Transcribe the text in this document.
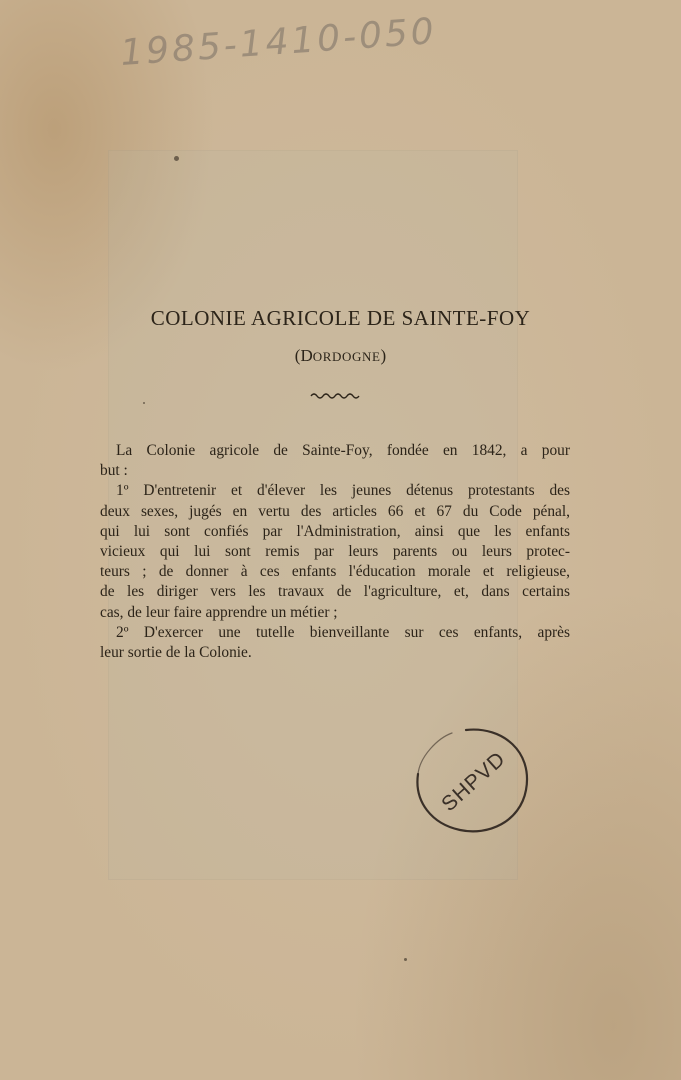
1985-1410-050
COLONIE AGRICOLE DE SAINTE-FOY
(DORDOGNE)
La Colonie agricole de Sainte-Foy, fondée en 1842, a pour
but :
1º D'entretenir et d'élever les jeunes détenus protestants des
deux sexes, jugés en vertu des articles 66 et 67 du Code pénal,
qui lui sont confiés par l'Administration, ainsi que les enfants
vicieux qui lui sont remis par leurs parents ou leurs protec-
teurs ; de donner à ces enfants l'éducation morale et religieuse,
de les diriger vers les travaux de l'agriculture, et, dans certains
cas, de leur faire apprendre un métier ;
2º D'exercer une tutelle bienveillante sur ces enfants, après
leur sortie de la Colonie.
SHPVD
